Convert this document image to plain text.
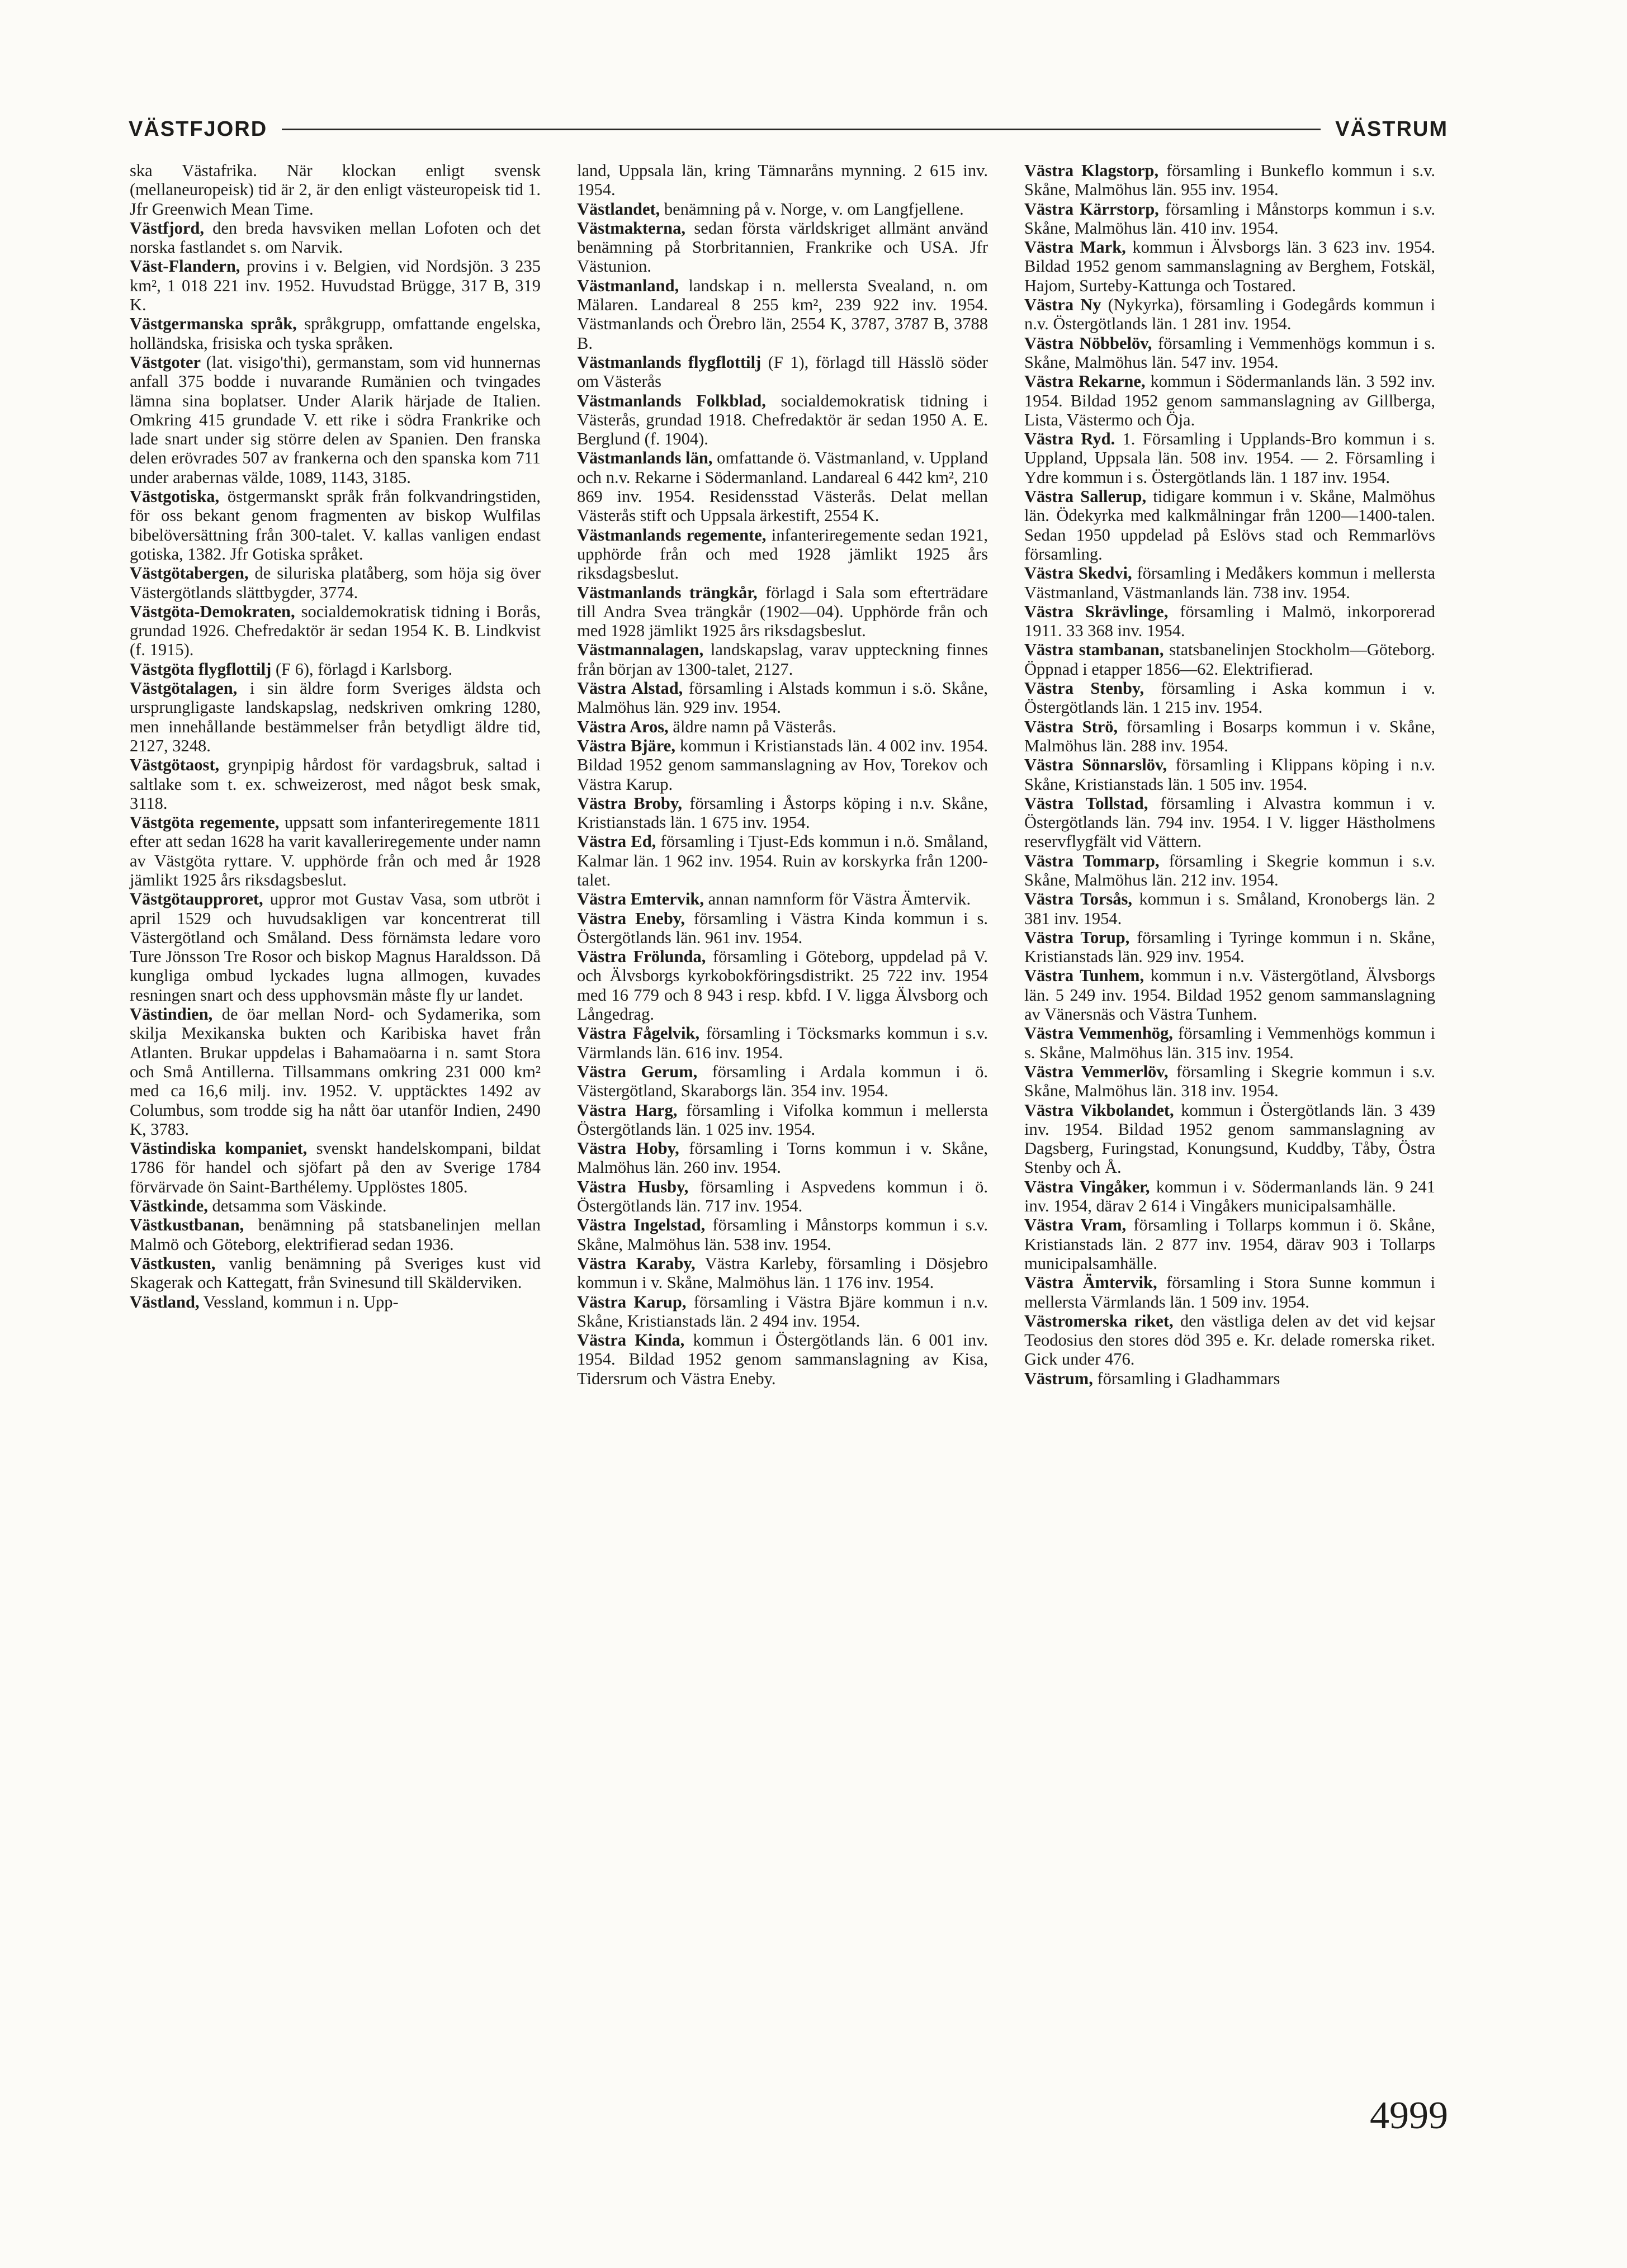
VÄSTFJORD	VÄSTRUM

ska Västafrika. När klockan enligt svensk (mellaneuropeisk) tid är 2, är den enligt västeuropeisk tid 1. Jfr Greenwich Mean Time.

Västfjord, den breda havsviken mellan Lofoten och det norska fastlandet s. om Narvik.

Väst-Flandern, provins i v. Belgien, vid Nordsjön. 3 235 km², 1 018 221 inv. 1952. Huvudstad Brügge, 317 B, 319 K.

Västgermanska språk, språkgrupp, omfattande engelska, holländska, frisiska och tyska språken.

Västgoter (lat. visigo'thi), germanstam, som vid hunnernas anfall 375 bodde i nuvarande Rumänien och tvingades lämna sina boplatser. Under Alarik härjade de Italien. Omkring 415 grundade V. ett rike i södra Frankrike och lade snart under sig större delen av Spanien. Den franska delen erövrades 507 av frankerna och den spanska kom 711 under arabernas välde, 1089, 1143, 3185.

Västgotiska, östgermanskt språk från folkvandringstiden, för oss bekant genom fragmenten av biskop Wulfilas bibelöversättning från 300-talet. V. kallas vanligen endast gotiska, 1382. Jfr Gotiska språket.

Västgötabergen, de siluriska platåberg, som höja sig över Västergötlands slättbygder, 3774.

Västgöta-Demokraten, socialdemokratisk tidning i Borås, grundad 1926. Chefredaktör är sedan 1954 K. B. Lindkvist (f. 1915).

Västgöta flygflottilj (F 6), förlagd i Karlsborg.

Västgötalagen, i sin äldre form Sveriges äldsta och ursprungligaste landskapslag, nedskriven omkring 1280, men innehållande bestämmelser från betydligt äldre tid, 2127, 3248.

Västgötaost, grynpipig hårdost för vardagsbruk, saltad i saltlake som t. ex. schweizerost, med något besk smak, 3118.

Västgöta regemente, uppsatt som infanteriregemente 1811 efter att sedan 1628 ha varit kavalleriregemente under namn av Västgöta ryttare. V. upphörde från och med år 1928 jämlikt 1925 års riksdagsbeslut.

Västgötaupproret, uppror mot Gustav Vasa, som utbröt i april 1529 och huvudsakligen var koncentrerat till Västergötland och Småland. Dess förnämsta ledare voro Ture Jönsson Tre Rosor och biskop Magnus Haraldsson. Då kungliga ombud lyckades lugna allmogen, kuvades resningen snart och dess upphovsmän måste fly ur landet.

Västindien, de öar mellan Nord- och Sydamerika, som skilja Mexikanska bukten och Karibiska havet från Atlanten. Brukar uppdelas i Bahamaöarna i n. samt Stora och Små Antillerna. Tillsammans omkring 231 000 km² med ca 16,6 milj. inv. 1952. V. upptäcktes 1492 av Columbus, som trodde sig ha nått öar utanför Indien, 2490 K, 3783.

Västindiska kompaniet, svenskt handelskompani, bildat 1786 för handel och sjöfart på den av Sverige 1784 förvärvade ön Saint-Barthélemy. Upplöstes 1805.

Västkinde, detsamma som Väskinde.

Västkustbanan, benämning på statsbanelinjen mellan Malmö och Göteborg, elektrifierad sedan 1936.

Västkusten, vanlig benämning på Sveriges kust vid Skagerak och Kattegatt, från Svinesund till Skälderviken.

Västland, Vessland, kommun i n. Upp-

land, Uppsala län, kring Tämnaråns mynning. 2 615 inv. 1954.

Västlandet, benämning på v. Norge, v. om Langfjellene.

Västmakterna, sedan första världskriget allmänt använd benämning på Storbritannien, Frankrike och USA. Jfr Västunion.

Västmanland, landskap i n. mellersta Svealand, n. om Mälaren. Landareal 8 255 km², 239 922 inv. 1954. Västmanlands och Örebro län, 2554 K, 3787, 3787 B, 3788 B.

Västmanlands flygflottilj (F 1), förlagd till Hässlö söder om Västerås

Västmanlands Folkblad, socialdemokratisk tidning i Västerås, grundad 1918. Chefredaktör är sedan 1950 A. E. Berglund (f. 1904).

Västmanlands län, omfattande ö. Västmanland, v. Uppland och n.v. Rekarne i Södermanland. Landareal 6 442 km², 210 869 inv. 1954. Residensstad Västerås. Delat mellan Västerås stift och Uppsala ärkestift, 2554 K.

Västmanlands regemente, infanteriregemente sedan 1921, upphörde från och med 1928 jämlikt 1925 års riksdagsbeslut.

Västmanlands trängkår, förlagd i Sala som efterträdare till Andra Svea trängkår (1902—04). Upphörde från och med 1928 jämlikt 1925 års riksdagsbeslut.

Västmannalagen, landskapslag, varav uppteckning finnes från början av 1300-talet, 2127.

Västra Alstad, församling i Alstads kommun i s.ö. Skåne, Malmöhus län. 929 inv. 1954.

Västra Aros, äldre namn på Västerås.

Västra Bjäre, kommun i Kristianstads län. 4 002 inv. 1954. Bildad 1952 genom sammanslagning av Hov, Torekov och Västra Karup.

Västra Broby, församling i Åstorps köping i n.v. Skåne, Kristianstads län. 1 675 inv. 1954.

Västra Ed, församling i Tjust-Eds kommun i n.ö. Småland, Kalmar län. 1 962 inv. 1954. Ruin av korskyrka från 1200-talet.

Västra Emtervik, annan namnform för Västra Ämtervik.

Västra Eneby, församling i Västra Kinda kommun i s. Östergötlands län. 961 inv. 1954.

Västra Frölunda, församling i Göteborg, uppdelad på V. och Älvsborgs kyrkobokföringsdistrikt. 25 722 inv. 1954 med 16 779 och 8 943 i resp. kbfd. I V. ligga Älvsborg och Långedrag.

Västra Fågelvik, församling i Töcksmarks kommun i s.v. Värmlands län. 616 inv. 1954.

Västra Gerum, församling i Ardala kommun i ö. Västergötland, Skaraborgs län. 354 inv. 1954.

Västra Harg, församling i Vifolka kommun i mellersta Östergötlands län. 1 025 inv. 1954.

Västra Hoby, församling i Torns kommun i v. Skåne, Malmöhus län. 260 inv. 1954.

Västra Husby, församling i Aspvedens kommun i ö. Östergötlands län. 717 inv. 1954.

Västra Ingelstad, församling i Månstorps kommun i s.v. Skåne, Malmöhus län. 538 inv. 1954.

Västra Karaby, Västra Karleby, församling i Dösjebro kommun i v. Skåne, Malmöhus län. 1 176 inv. 1954.

Västra Karup, församling i Västra Bjäre kommun i n.v. Skåne, Kristianstads län. 2 494 inv. 1954.

Västra Kinda, kommun i Östergötlands län. 6 001 inv. 1954. Bildad 1952 genom sammanslagning av Kisa, Tidersrum och Västra Eneby.

Västra Klagstorp, församling i Bunkeflo kommun i s.v. Skåne, Malmöhus län. 955 inv. 1954.

Västra Kärrstorp, församling i Månstorps kommun i s.v. Skåne, Malmöhus län. 410 inv. 1954.

Västra Mark, kommun i Älvsborgs län. 3 623 inv. 1954. Bildad 1952 genom sammanslagning av Berghem, Fotskäl, Hajom, Surteby-Kattunga och Tostared.

Västra Ny (Nykyrka), församling i Godegårds kommun i n.v. Östergötlands län. 1 281 inv. 1954.

Västra Nöbbelöv, församling i Vemmenhögs kommun i s. Skåne, Malmöhus län. 547 inv. 1954.

Västra Rekarne, kommun i Södermanlands län. 3 592 inv. 1954. Bildad 1952 genom sammanslagning av Gillberga, Lista, Västermo och Öja.

Västra Ryd. 1. Församling i Upplands-Bro kommun i s. Uppland, Uppsala län. 508 inv. 1954. — 2. Församling i Ydre kommun i s. Östergötlands län. 1 187 inv. 1954.

Västra Sallerup, tidigare kommun i v. Skåne, Malmöhus län. Ödekyrka med kalkmålningar från 1200—1400-talen. Sedan 1950 uppdelad på Eslövs stad och Remmarlövs församling.

Västra Skedvi, församling i Medåkers kommun i mellersta Västmanland, Västmanlands län. 738 inv. 1954.

Västra Skrävlinge, församling i Malmö, inkorporerad 1911. 33 368 inv. 1954.

Västra stambanan, statsbanelinjen Stockholm—Göteborg. Öppnad i etapper 1856—62. Elektrifierad.

Västra Stenby, församling i Aska kommun i v. Östergötlands län. 1 215 inv. 1954.

Västra Strö, församling i Bosarps kommun i v. Skåne, Malmöhus län. 288 inv. 1954.

Västra Sönnarslöv, församling i Klippans köping i n.v. Skåne, Kristianstads län. 1 505 inv. 1954.

Västra Tollstad, församling i Alvastra kommun i v. Östergötlands län. 794 inv. 1954. I V. ligger Hästholmens reservflygfält vid Vättern.

Västra Tommarp, församling i Skegrie kommun i s.v. Skåne, Malmöhus län. 212 inv. 1954.

Västra Torsås, kommun i s. Småland, Kronobergs län. 2 381 inv. 1954.

Västra Torup, församling i Tyringe kommun i n. Skåne, Kristianstads län. 929 inv. 1954.

Västra Tunhem, kommun i n.v. Västergötland, Älvsborgs län. 5 249 inv. 1954. Bildad 1952 genom sammanslagning av Vänersnäs och Västra Tunhem.

Västra Vemmenhög, församling i Vemmenhögs kommun i s. Skåne, Malmöhus län. 315 inv. 1954.

Västra Vemmerlöv, församling i Skegrie kommun i s.v. Skåne, Malmöhus län. 318 inv. 1954.

Västra Vikbolandet, kommun i Östergötlands län. 3 439 inv. 1954. Bildad 1952 genom sammanslagning av Dagsberg, Furingstad, Konungsund, Kuddby, Tåby, Östra Stenby och Å.

Västra Vingåker, kommun i v. Södermanlands län. 9 241 inv. 1954, därav 2 614 i Vingåkers municipalsamhälle.

Västra Vram, församling i Tollarps kommun i ö. Skåne, Kristianstads län. 2 877 inv. 1954, därav 903 i Tollarps municipalsamhälle.

Västra Ämtervik, församling i Stora Sunne kommun i mellersta Värmlands län. 1 509 inv. 1954.

Västromerska riket, den västliga delen av det vid kejsar Teodosius den stores död 395 e. Kr. delade romerska riket. Gick under 476.

Västrum, församling i Gladhammars

4999
